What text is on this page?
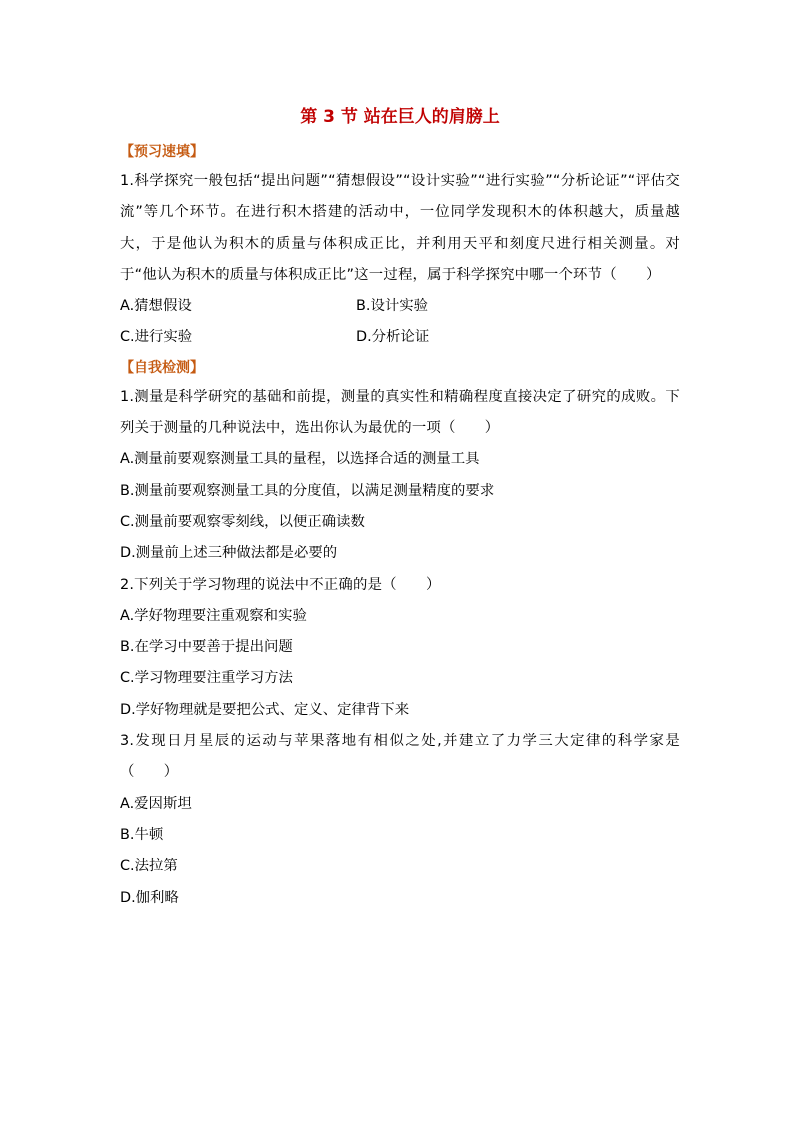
第 3 节 站在巨人的肩膀上
【预习速填】
1.科学探究一般包括“提出问题”“猜想假设”“设计实验”“进行实验”“分析论证”“评估交流”等几个环节。在进行积木搭建的活动中，一位同学发现积木的体积越大，质量越大，于是他认为积木的质量与体积成正比，并利用天平和刻度尺进行相关测量。对于“他认为积木的质量与体积成正比”这一过程，属于科学探究中哪一个环节（　　）
A.猜想假设	B.设计实验
C.进行实验	D.分析论证
【自我检测】
1.测量是科学研究的基础和前提，测量的真实性和精确程度直接决定了研究的成败。下列关于测量的几种说法中，选出你认为最优的一项（　　）
A.测量前要观察测量工具的量程，以选择合适的测量工具
B.测量前要观察测量工具的分度值，以满足测量精度的要求
C.测量前要观察零刻线，以便正确读数
D.测量前上述三种做法都是必要的
2.下列关于学习物理的说法中不正确的是（　　）
A.学好物理要注重观察和实验
B.在学习中要善于提出问题
C.学习物理要注重学习方法
D.学好物理就是要把公式、定义、定律背下来
3.发现日月星辰的运动与苹果落地有相似之处,并建立了力学三大定律的科学家是（　　）
A.爱因斯坦
B.牛顿
C.法拉第
D.伽利略
